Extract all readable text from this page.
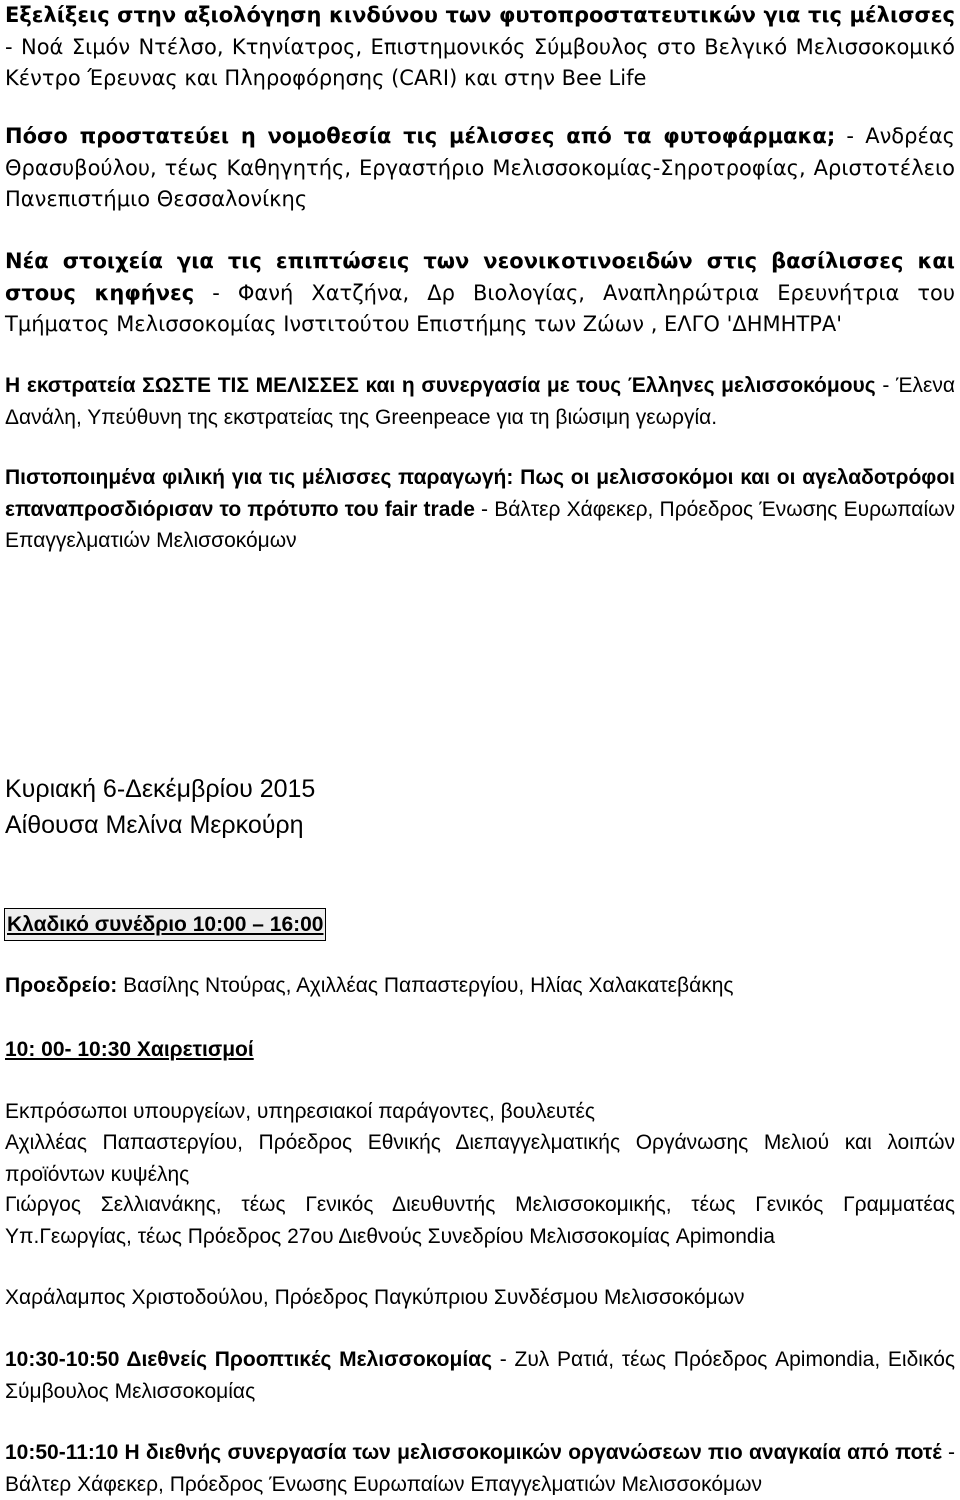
Εξελίξεις στην αξιολόγηση κινδύνου των φυτοπροστατευτικών για τις μέλισσες - Νοά Σιμόν Ντέλσο, Κτηνίατρος, Επιστημονικός Σύμβουλος στο Βελγικό Μελισσοκομικό Κέντρο Έρευνας και Πληροφόρησης (CARI) και στην Bee Life

Πόσο προστατεύει η νομοθεσία τις μέλισσες από τα φυτοφάρμακα; - Ανδρέας Θρασυβούλου, τέως Καθηγητής, Εργαστήριο Μελισσοκομίας-Σηροτροφίας, Αριστοτέλειο Πανεπιστήμιο Θεσσαλονίκης

Νέα στοιχεία για τις επιπτώσεις των νεονικοτινοειδών στις βασίλισσες και στους κηφήνες - Φανή Χατζήνα, Δρ Βιολογίας, Αναπληρώτρια Ερευνήτρια του Τμήματος Μελισσοκομίας Ινστιτούτου Επιστήμης των Ζώων , ΕΛΓΟ 'ΔΗΜΗΤΡΑ'

Η εκστρατεία ΣΩΣΤΕ ΤΙΣ ΜΕΛΙΣΣΕΣ και η συνεργασία με τους Έλληνες μελισσοκόμους - Έλενα Δανάλη, Υπεύθυνη της εκστρατείας της Greenpeace για τη βιώσιμη γεωργία.

Πιστοποιημένα φιλική για τις μέλισσες παραγωγή: Πως οι μελισσοκόμοι και οι αγελαδοτρόφοι επαναπροσδιόρισαν το πρότυπο του fair trade - Βάλτερ Χάφεκερ, Πρόεδρος Ένωσης Ευρωπαίων Επαγγελματιών Μελισσοκόμων

Κυριακή 6-Δεκέμβρίου 2015

Αίθουσα Μελίνα Μερκούρη

Κλαδικό συνέδριο 10:00 – 16:00

Προεδρείο: Βασίλης Ντούρας, Αχιλλέας Παπαστεργίου, Ηλίας Χαλακατεβάκης

10: 00- 10:30 Χαιρετισμοί

Εκπρόσωποι υπουργείων, υπηρεσιακοί παράγοντες, βουλευτές

Αχιλλέας Παπαστεργίου, Πρόεδρος Εθνικής Διεπαγγελματικής Οργάνωσης Μελιού και λοιπών προϊόντων κυψέλης

Γιώργος Σελλιανάκης, τέως Γενικός Διευθυντής Μελισσοκομικής, τέως Γενικός Γραμματέας Υπ.Γεωργίας, τέως Πρόεδρος 27ου Διεθνούς Συνεδρίου Μελισσοκομίας Apimondia

Χαράλαμπος Χριστοδούλου, Πρόεδρος Παγκύπριου Συνδέσμου Μελισσοκόμων

10:30-10:50 Διεθνείς Προοπτικές Μελισσοκομίας - Ζυλ Ρατιά, τέως Πρόεδρος Apimondia, Ειδικός Σύμβουλος Μελισσοκομίας

10:50-11:10 Η διεθνής συνεργασία των μελισσοκομικών οργανώσεων πιο αναγκαία από ποτέ - Βάλτερ Χάφεκερ, Πρόεδρος Ένωσης Ευρωπαίων Επαγγελματιών Μελισσοκόμων
